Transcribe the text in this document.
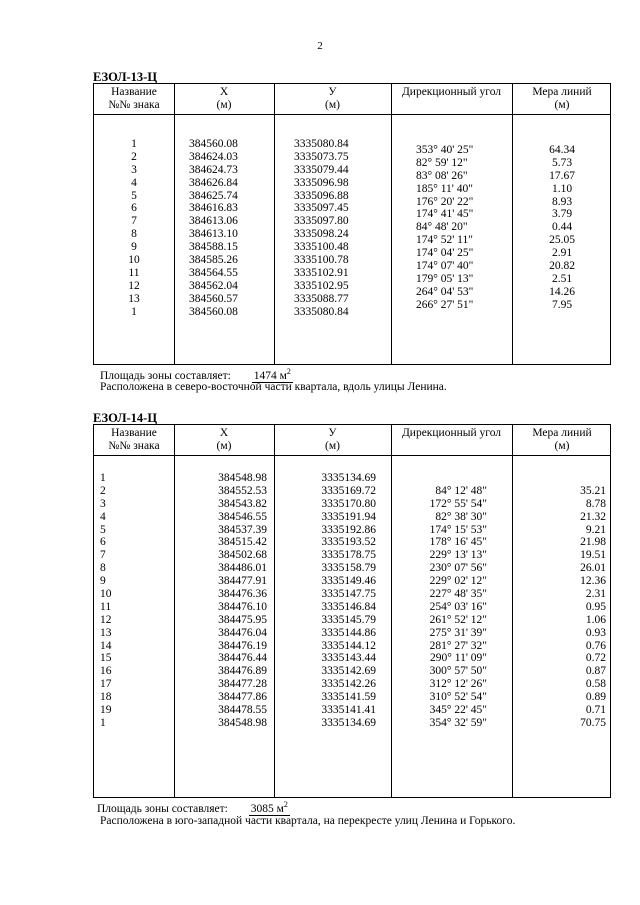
2
ЕЗОЛ-13-Ц
Название
№№ знака
X
(м)
У
(м)
Дирекционный угол	Мера линий
(м)
1
2
3
4
5
6
7
8
9
10
11
12
13
1
384560.08
384624.03
384624.73
384626.84
384625.74
384616.83
384613.06
384613.10
384588.15
384585.26
384564.55
384562.04
384560.57
384560.08
3335080.84
3335073.75
3335079.44
3335096.98
3335096.88
3335097.45
3335097.80
3335098.24
3335100.48
3335100.78
3335102.91
3335102.95
3335088.77
3335080.84
353° 40' 25"
82° 59' 12"
83° 08' 26"
185° 11' 40"
176° 20' 22"
174° 41' 45"
84° 48' 20"
174° 52' 11"
174° 04' 25"
174° 07' 40"
179° 05' 13"
264° 04' 53"
266° 27' 51"
64.34
5.73
17.67
1.10
8.93
3.79
0.44
25.05
2.91
20.82
2.51
14.26
7.95
Площадь зоны составляет: 1474 $м^2$
Расположена в северо-восточной части квартала, вдоль улицы Ленина.
ЕЗОЛ-14-Ц
Название
№№ знака
X
(м)
У
(м)
Дирекционный угол	Мера линий
(м)
1
2
3
4
5
6
7
8
9
10
11
12
13
14
15
16
17
18
19
1
384548.98
384552.53
384543.82
384546.55
384537.39
384515.42
384502.68
384486.01
384477.91
384476.36
384476.10
384475.95
384476.04
384476.19
384476.44
384476.89
384477.28
384477.86
384478.55
384548.98
3335134.69
3335169.72
3335170.80
3335191.94
3335192.86
3335193.52
3335178.75
3335158.79
3335149.46
3335147.75
3335146.84
3335145.79
3335144.86
3335144.12
3335143.44
3335142.69
3335142.26
3335141.59
3335141.41
3335134.69
84° 12' 48"
172° 55' 54"
82° 38' 30"
174° 15' 53"
178° 16' 45"
229° 13' 13"
230° 07' 56"
229° 02' 12"
227° 48' 35"
254° 03' 16"
261° 52' 12"
275° 31' 39"
281° 27' 32"
290° 11' 09"
300° 57' 50"
312° 12' 26"
310° 52' 54"
345° 22' 45"
354° 32' 59"
35.21
8.78
21.32
9.21
21.98
19.51
26.01
12.36
2.31
0.95
1.06
0.93
0.76
0.72
0.87
0.58
0.89
0.71
70.75
Площадь зоны составляет: 3085 $м^2$
Расположена в юго-западной части квартала, на перекресте улиц Ленина и Горького.
